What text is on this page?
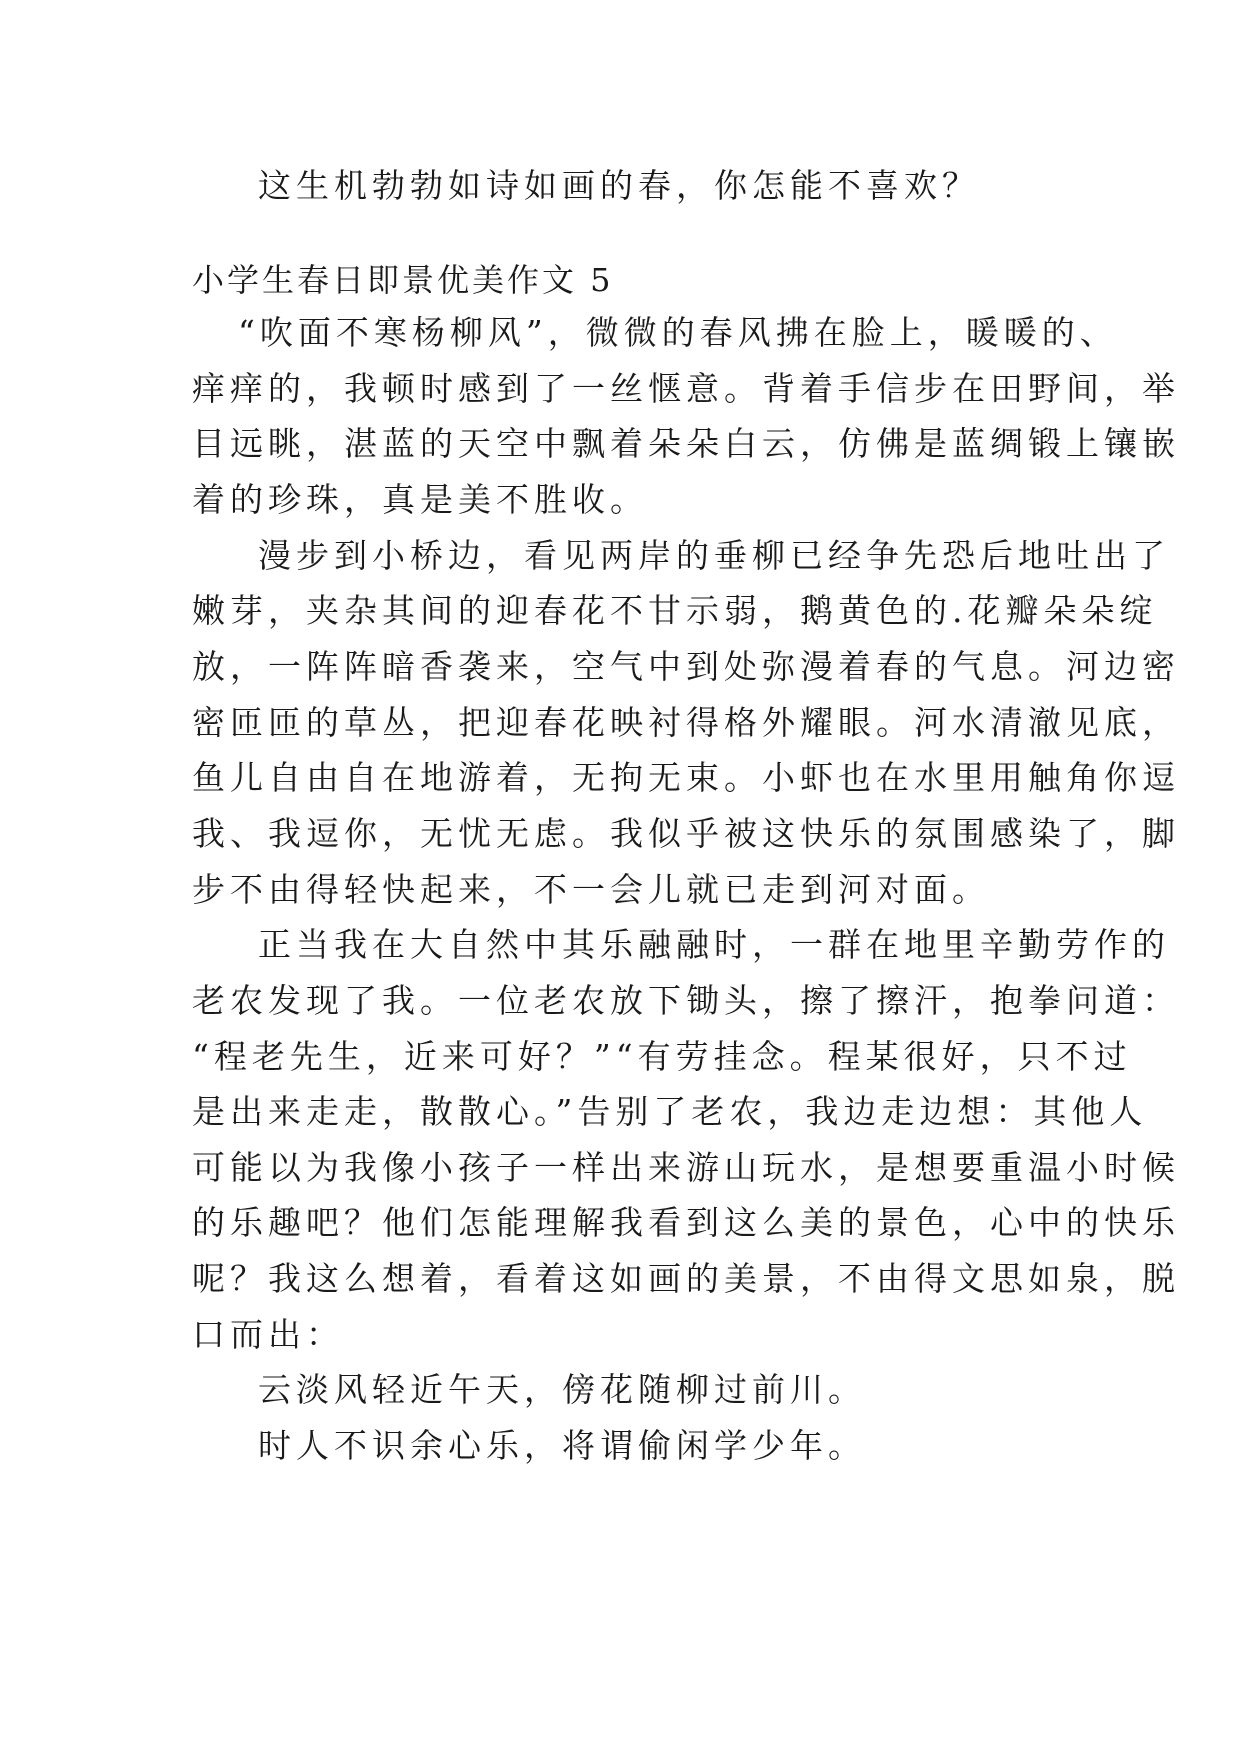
这生机勃勃如诗如画的春，你怎能不喜欢？

小学生春日即景优美作文 5

“吹面不寒杨柳风”，微微的春风拂在脸上，暖暖的、

痒痒的，我顿时感到了一丝惬意。背着手信步在田野间，举

目远眺，湛蓝的天空中飘着朵朵白云，仿佛是蓝绸锻上镶嵌

着的珍珠，真是美不胜收。

漫步到小桥边，看见两岸的垂柳已经争先恐后地吐出了

嫩芽，夹杂其间的迎春花不甘示弱，鹅黄色的.花瓣朵朵绽

放，一阵阵暗香袭来，空气中到处弥漫着春的气息。河边密

密匝匝的草丛，把迎春花映衬得格外耀眼。河水清澈见底，

鱼儿自由自在地游着，无拘无束。小虾也在水里用触角你逗

我、我逗你，无忧无虑。我似乎被这快乐的氛围感染了，脚

步不由得轻快起来，不一会儿就已走到河对面。

正当我在大自然中其乐融融时，一群在地里辛勤劳作的

老农发现了我。一位老农放下锄头，擦了擦汗，抱拳问道：

“程老先生，近来可好？”“有劳挂念。程某很好，只不过

是出来走走，散散心。”告别了老农，我边走边想：其他人

可能以为我像小孩子一样出来游山玩水，是想要重温小时候

的乐趣吧？他们怎能理解我看到这么美的景色，心中的快乐

呢？我这么想着，看着这如画的美景，不由得文思如泉，脱

口而出：

云淡风轻近午天，傍花随柳过前川。

时人不识余心乐，将谓偷闲学少年。
